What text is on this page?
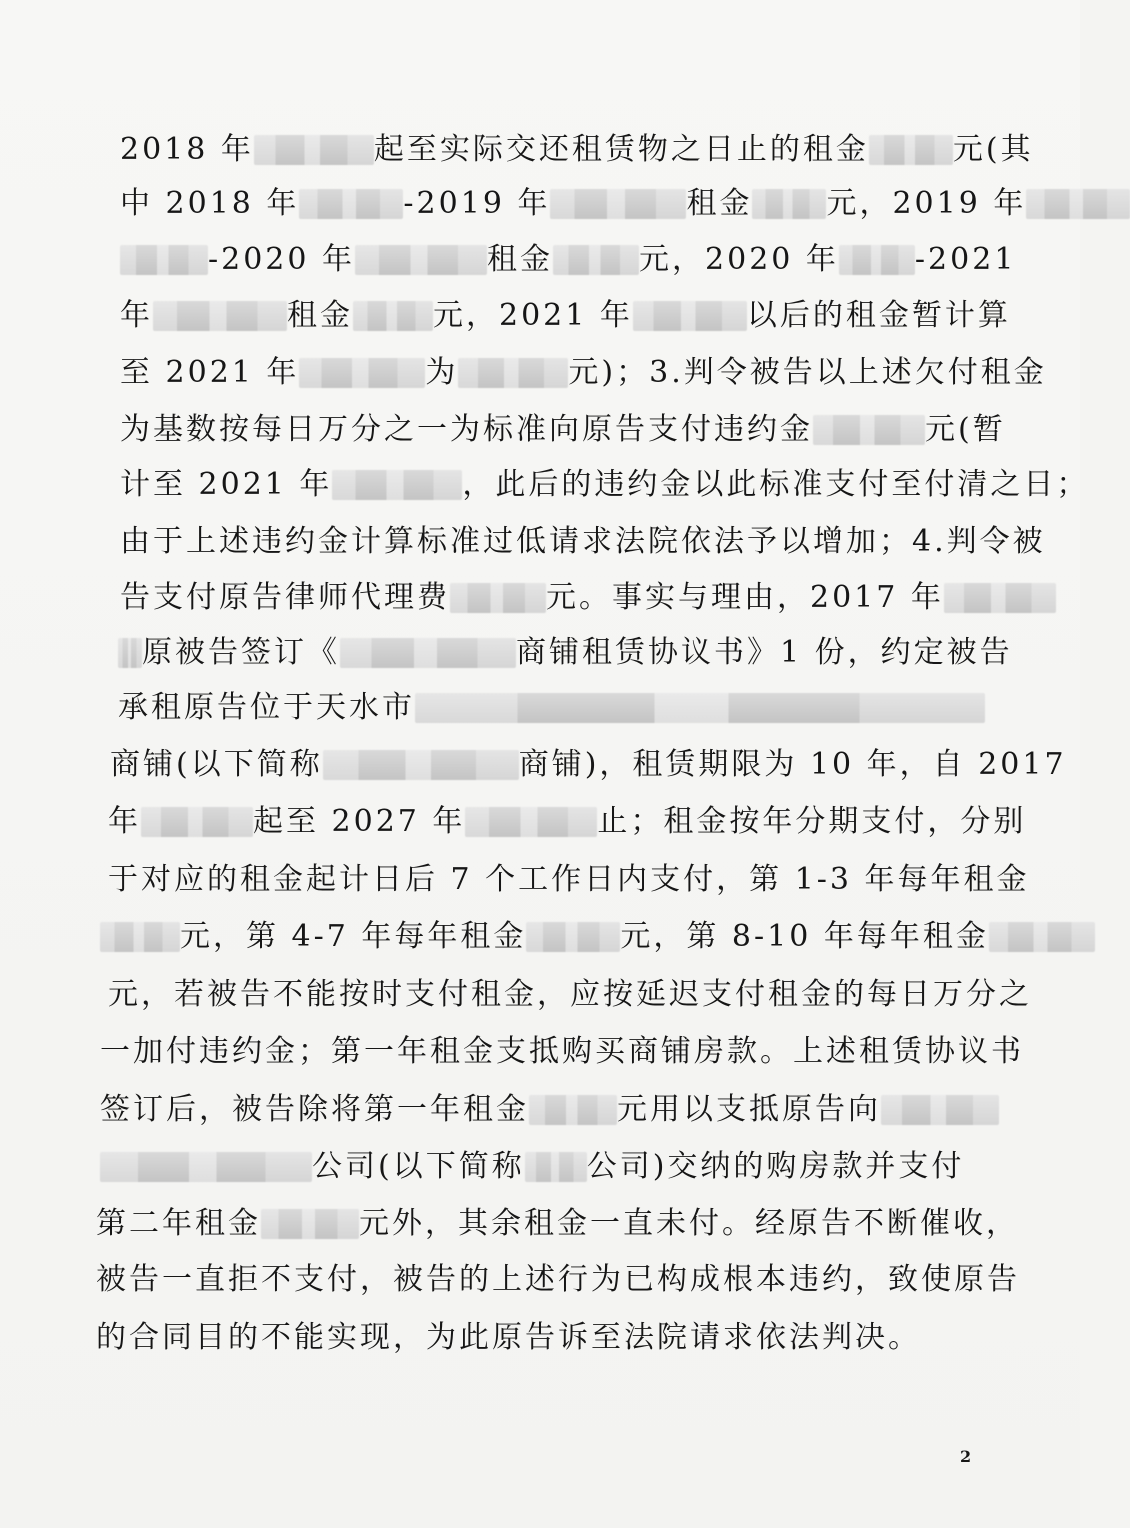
2018 年	起至实际交还租赁物之日止的租金	元(其
中 2018 年	-2019 年	租金 元，2019 年
-2020 年	租金	元，2020 年	-2021
年	租金	元，2021 年	以后的租金暂计算
至 2021 年	为	元)；3.判令被告以上述欠付租金
为基数按每日万分之一为标准向原告支付违约金	元(暂
计至 2021 年	，此后的违约金以此标准支付至付清之日；
由于上述违约金计算标准过低请求法院依法予以增加；4.判令被
告支付原告律师代理费	元。事实与理由，2017 年
原被告签订《	商铺租赁协议书》1 份，约定被告
承租原告位于天水市
商铺(以下简称	商铺)，租赁期限为 10 年，自 2017
年	起至 2027 年	止；租金按年分期支付，分别
于对应的租金起计日后 7 个工作日内支付，第 1-3 年每年租金
元，第 4-7 年每年租金	元，第 8-10 年每年租金
元，若被告不能按时支付租金，应按延迟支付租金的每日万分之
一加付违约金；第一年租金支抵购买商铺房款。上述租赁协议书
签订后，被告除将第一年租金	元用以支抵原告向
公司(以下简称 公司)交纳的购房款并支付
第二年租金	元外，其余租金一直未付。经原告不断催收，
被告一直拒不支付，被告的上述行为已构成根本违约，致使原告
的合同目的不能实现，为此原告诉至法院请求依法判决。
2
